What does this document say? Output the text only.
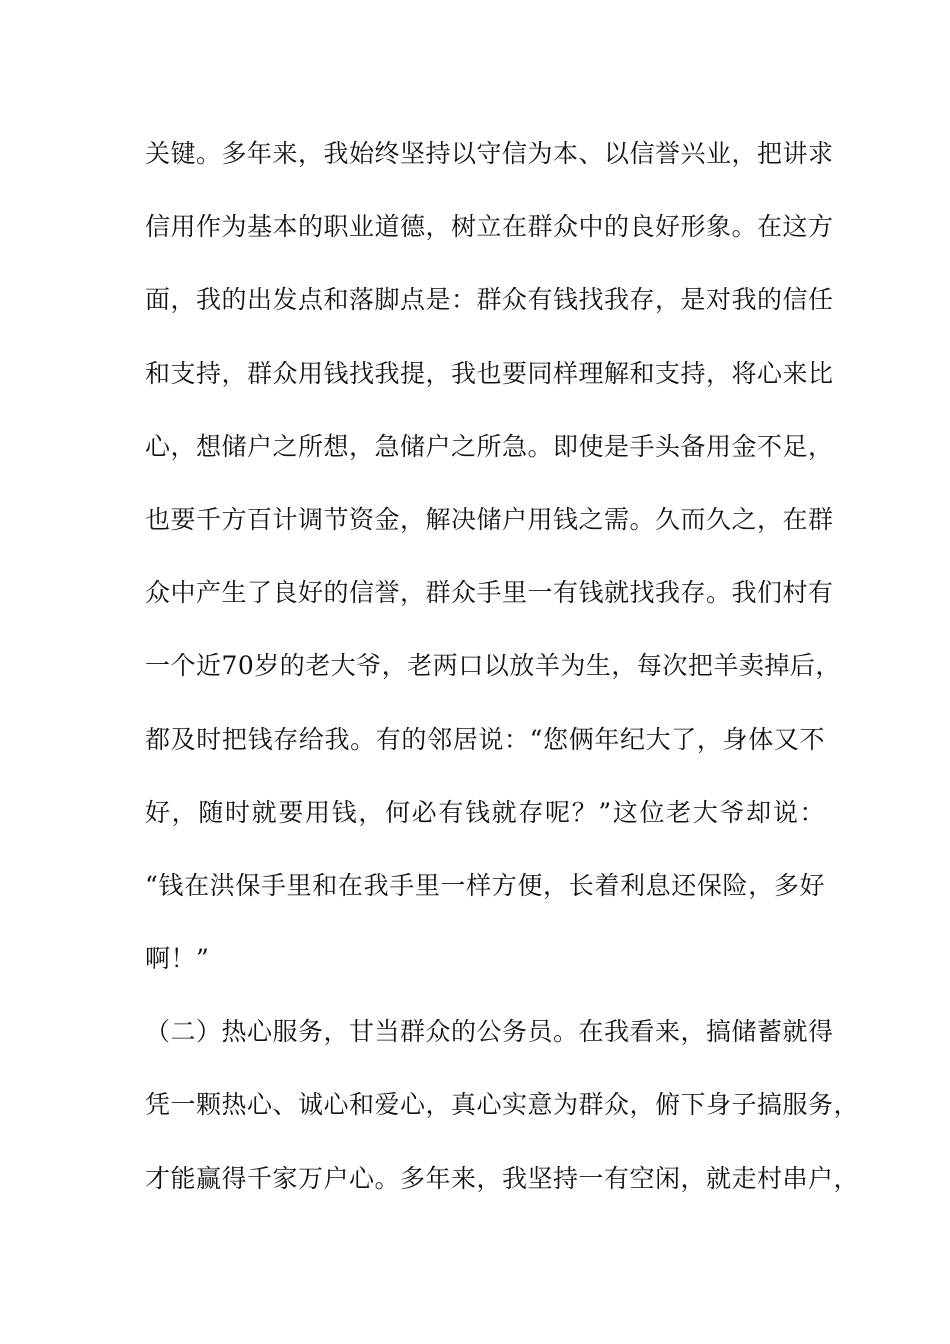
关键。多年来，我始终坚持以守信为本、以信誉兴业，把讲求
信用作为基本的职业道德，树立在群众中的良好形象。在这方
面，我的出发点和落脚点是：群众有钱找我存，是对我的信任
和支持，群众用钱找我提，我也要同样理解和支持，将心来比
心，想储户之所想，急储户之所急。即使是手头备用金不足，
也要千方百计调节资金，解决储户用钱之需。久而久之，在群
众中产生了良好的信誉，群众手里一有钱就找我存。我们村有
一个近70岁的老大爷，老两口以放羊为生，每次把羊卖掉后，
都及时把钱存给我。有的邻居说：“您俩年纪大了，身体又不
好，随时就要用钱，何必有钱就存呢？”这位老大爷却说：
“钱在洪保手里和在我手里一样方便，长着利息还保险，多好
啊！”
（二）热心服务，甘当群众的公务员。在我看来，搞储蓄就得
凭一颗热心、诚心和爱心，真心实意为群众，俯下身子搞服务，
才能赢得千家万户心。多年来，我坚持一有空闲，就走村串户，
